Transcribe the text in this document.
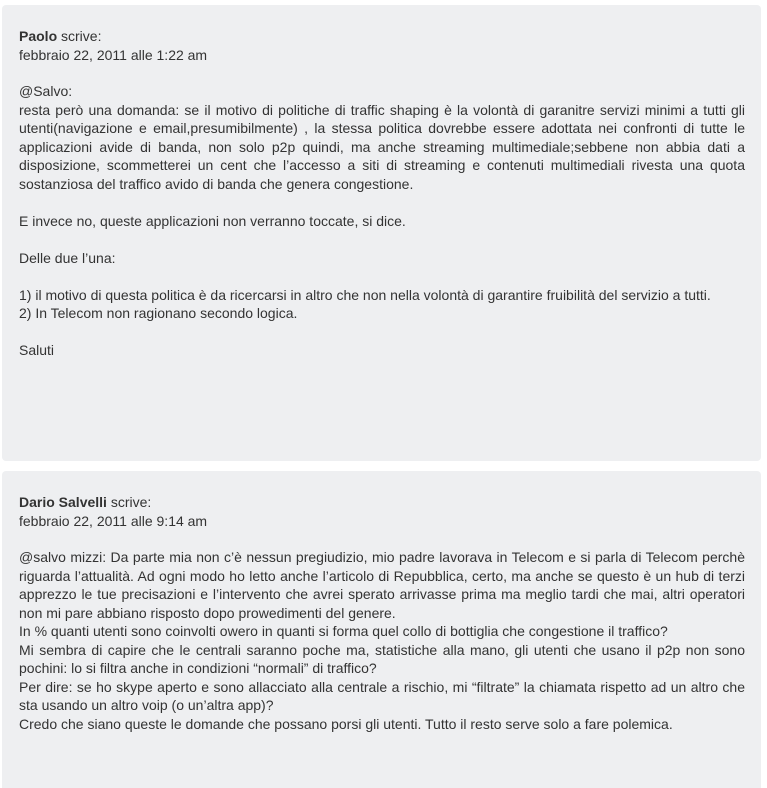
Paolo scrive:

febbraio 22, 2011 alle 1:22 am

@Salvo:
resta però una domanda: se il motivo di politiche di traffic shaping è la volontà di garanitre servizi minimi a tutti gli utenti(navigazione e email,presumibilmente) , la stessa politica dovrebbe essere adottata nei confronti di tutte le applicazioni avide di banda, non solo p2p quindi, ma anche streaming multimediale;sebbene non abbia dati a disposizione, scommetterei un cent che l’accesso a siti di streaming e contenuti multimediali rivesta una quota sostanziosa del traffico avido di banda che genera congestione.

E invece no, queste applicazioni non verranno toccate, si dice.

Delle due l’una:

1) il motivo di questa politica è da ricercarsi in altro che non nella volontà di garantire fruibilità del servizio a tutti.
2) In Telecom non ragionano secondo logica.

Saluti

Dario Salvelli scrive:

febbraio 22, 2011 alle 9:14 am

@salvo mizzi: Da parte mia non c’è nessun pregiudizio, mio padre lavorava in Telecom e si parla di Telecom perchè riguarda l’attualità. Ad ogni modo ho letto anche l’articolo di Repubblica, certo, ma anche se questo è un hub di terzi apprezzo le tue precisazioni e l’intervento che avrei sperato arrivasse prima ma meglio tardi che mai, altri operatori non mi pare abbiano risposto dopo prowedimenti del genere.

In % quanti utenti sono coinvolti owero in quanti si forma quel collo di bottiglia che congestione il traffico?

Mi sembra di capire che le centrali saranno poche ma, statistiche alla mano, gli utenti che usano il p2p non sono pochini: lo si filtra anche in condizioni “normali” di traffico?

Per dire: se ho skype aperto e sono allacciato alla centrale a rischio, mi “filtrate” la chiamata rispetto ad un altro che sta usando un altro voip (o un’altra app)?

Credo che siano queste le domande che possano porsi gli utenti. Tutto il resto serve solo a fare polemica.
